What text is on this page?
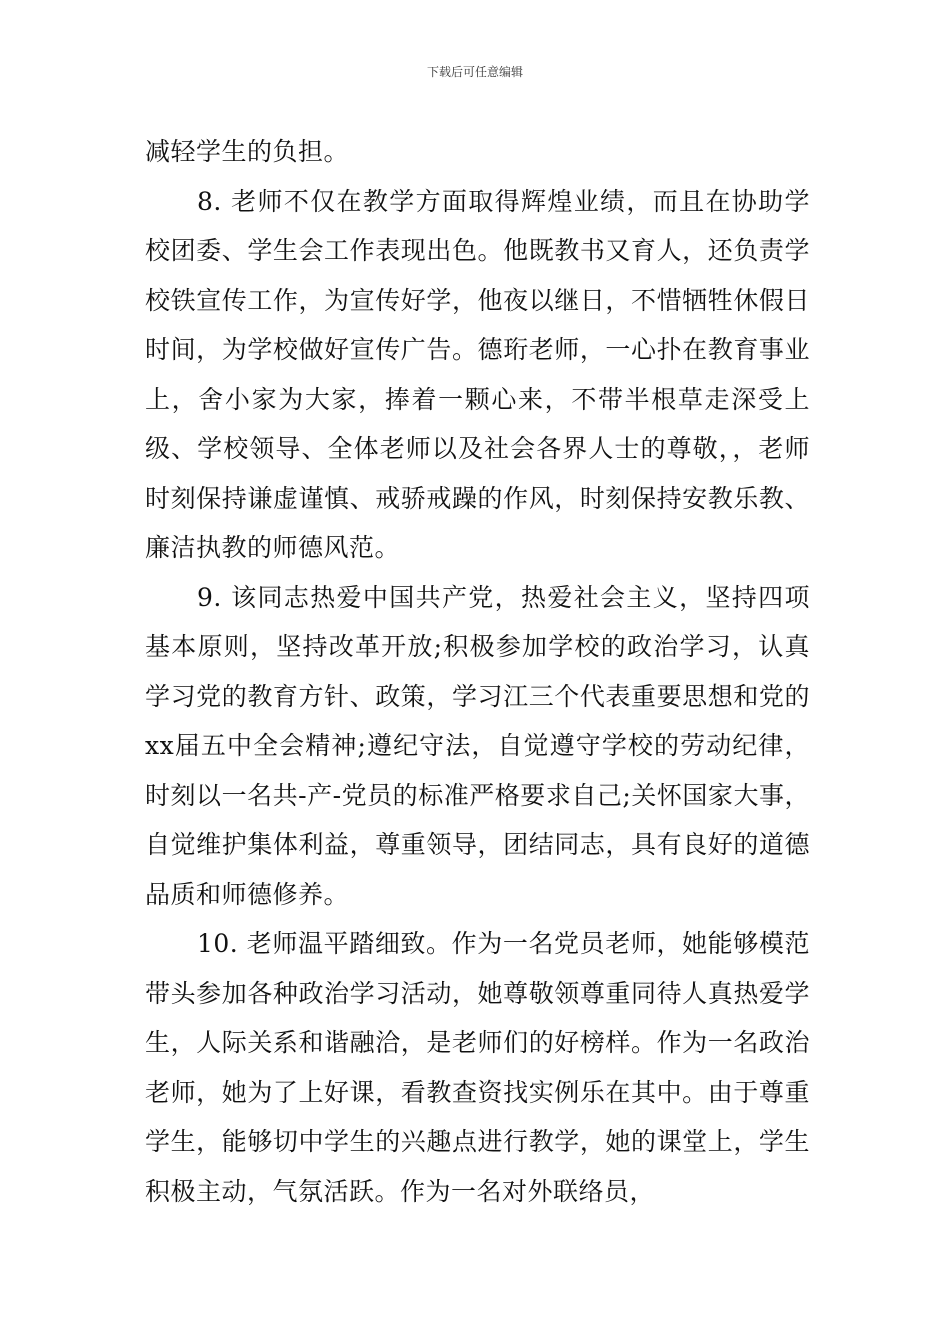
下载后可任意编辑

减轻学生的负担。

8. 老师不仅在教学方面取得辉煌业绩，而且在协助学校团委、学生会工作表现出色。他既教书又育人，还负责学校铁宣传工作，为宣传好学，他夜以继日，不惜牺牲休假日时间，为学校做好宣传广告。德珩老师，一心扑在教育事业上，舍小家为大家，捧着一颗心来，不带半根草走深受上级、学校领导、全体老师以及社会各界人士的尊敬，，老师时刻保持谦虚谨慎、戒骄戒躁的作风，时刻保持安教乐教、廉洁执教的师德风范。

9. 该同志热爱中国共产党，热爱社会主义，坚持四项基本原则，坚持改革开放;积极参加学校的政治学习，认真学习党的教育方针、政策，学习江三个代表重要思想和党的xx届五中全会精神;遵纪守法，自觉遵守学校的劳动纪律，时刻以一名共-产-党员的标准严格要求自己;关怀国家大事，自觉维护集体利益，尊重领导，团结同志，具有良好的道德品质和师德修养。

10. 老师温平踏细致。作为一名党员老师，她能够模范带头参加各种政治学习活动，她尊敬领尊重同待人真热爱学生，人际关系和谐融洽，是老师们的好榜样。作为一名政治老师，她为了上好课，看教查资找实例乐在其中。由于尊重学生，能够切中学生的兴趣点进行教学，她的课堂上，学生积极主动，气氛活跃。作为一名对外联络员，
